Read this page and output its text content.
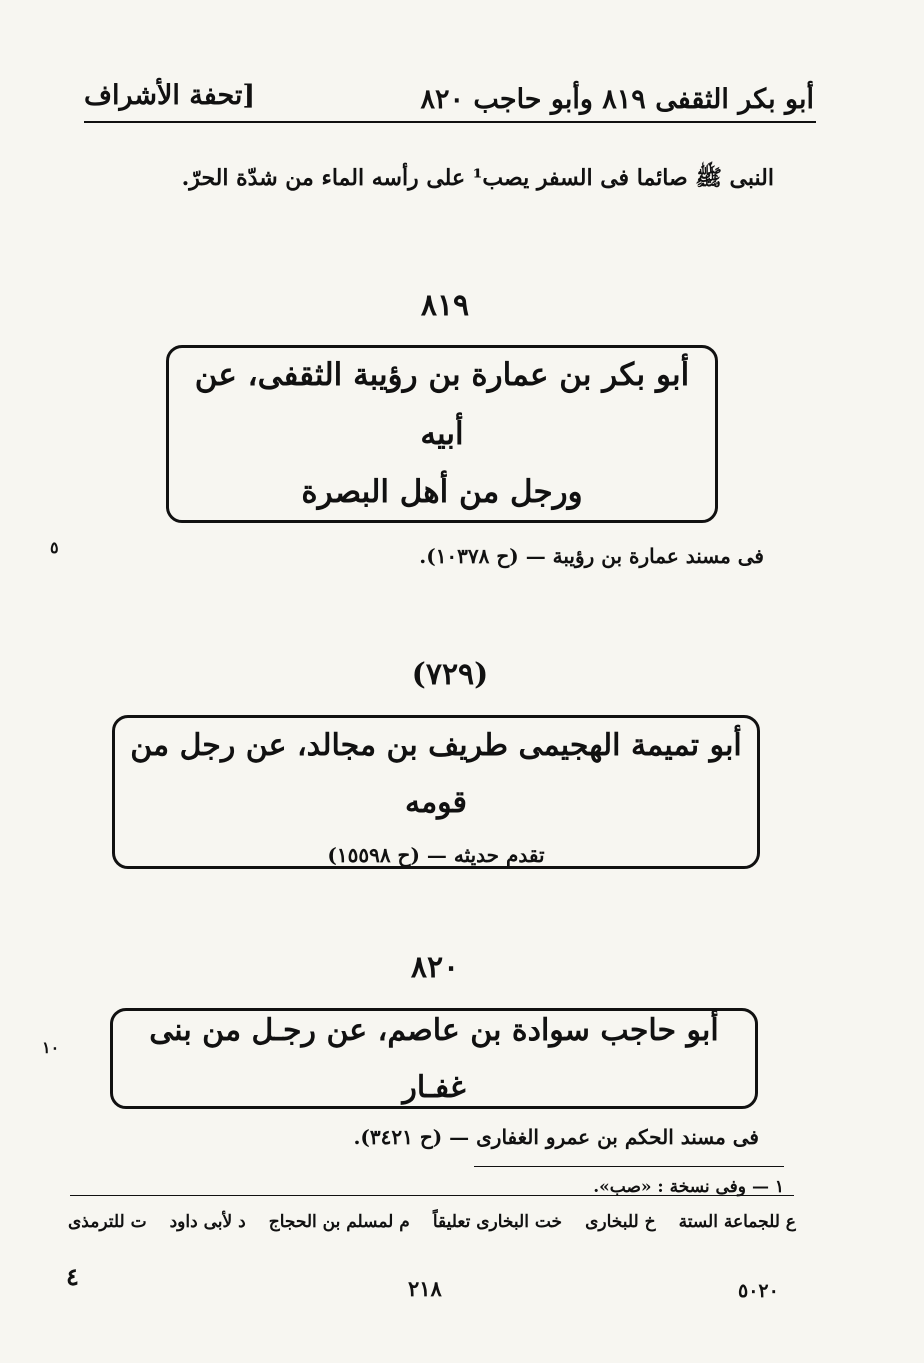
أبو بكر الثقفى ٨١٩ وأبو حاجب ٨٢٠
[تحفة الأشراف
النبى ﷺ صائما فى السفر يصب¹ على رأسه الماء من شدّة الحرّ.
٨١٩
أبو بكر بن عمارة بن رؤيبة الثقفى، عن أبيه
ورجل من أهل البصرة
فى مسند عمارة بن رؤيبة — (ح ١٠٣٧٨).
٥
(٧٢٩)
أبو تميمة الهجيمى طريف بن مجالد، عن رجل من قومه
تقدم حديثه — (ح ١٥٥٩٨)
٨٢٠
أبو حاجب سوادة بن عاصم، عن رجـل من بنى غفـار
١٠
فى مسند الحكم بن عمرو الغفارى — (ح ٣٤٢١).
١ — وفى نسخة : «صب».
ع للجماعة الستة
خ للبخارى
خت البخارى تعليقاً
م لمسلم بن الحجاج
د لأبى داود
ت للترمذى
٤	٢١٨	٥٠٢٠
